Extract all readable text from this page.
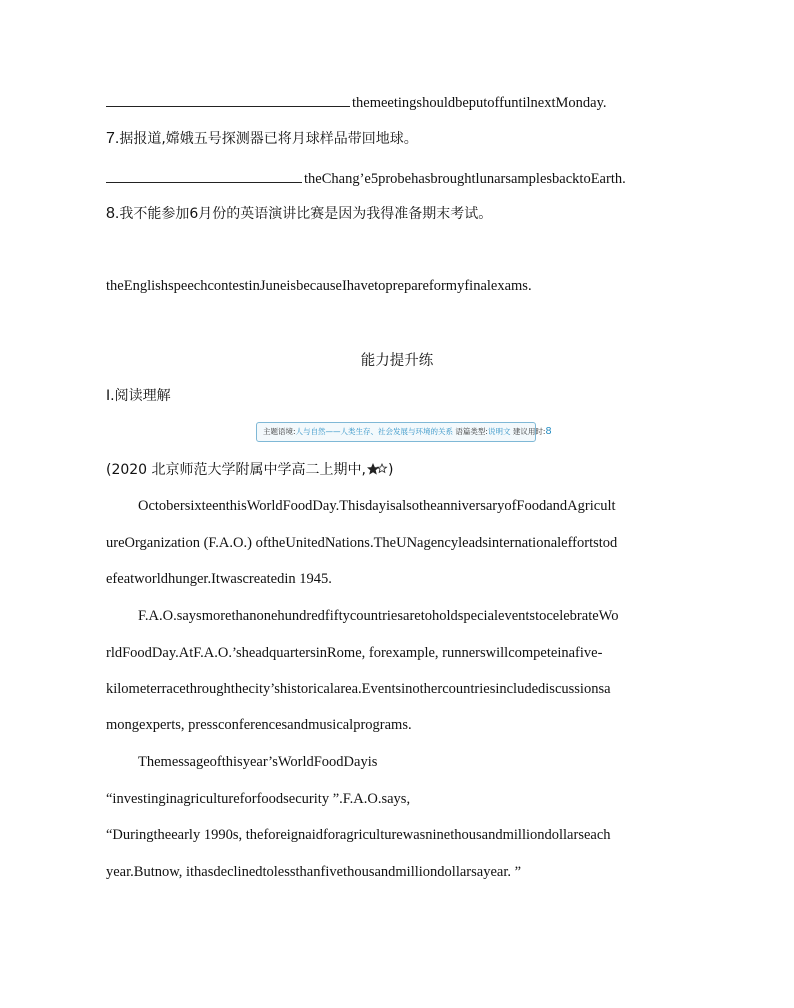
themeetingshouldbeputoffuntilnextMonday.
7.据报道,嫦娥五号探测器已将月球样品带回地球。
theChang’e5probehasbroughtlunarsamplesbacktoEarth.
8.我不能参加6月份的英语演讲比赛是因为我得准备期末考试。
theEnglishspeechcontestinJuneisbecauseIhavetoprepareformyfinalexams.
能力提升练
Ⅰ.阅读理解
主题语境:人与自然——人类生存、社会发展与环境的关系 语篇类型:说明文 建议用时:8
(2020 北京师范大学附属中学高二上期中, )
OctobersixteenthisWorldFoodDay.ThisdayisalsotheanniversaryofFoodandAgricult
ureOrganization (F.A.O.) oftheUnitedNations.TheUNagencyleadsinternationaleffortstod
efeatworldhunger.Itwascreatedin 1945.
F.A.O.saysmorethanonehundredfiftycountriesaretoholdspecialeventstocelebrateWo
rldFoodDay.AtF.A.O.’sheadquartersinRome, forexample, runnerswillcompeteinafive-
kilometerracethroughthecity’shistoricalarea.Eventsinothercountriesincludediscussionsa
mongexperts, pressconferencesandmusicalprograms.
Themessageofthisyear’sWorldFoodDayis
“investinginagricultureforfoodsecurity ”.F.A.O.says,
“Duringtheearly 1990s, theforeignaidforagriculturewasninethousandmilliondollarseach
year.Butnow, ithasdeclinedtolessthanfivethousandmilliondollarsayear. ”
